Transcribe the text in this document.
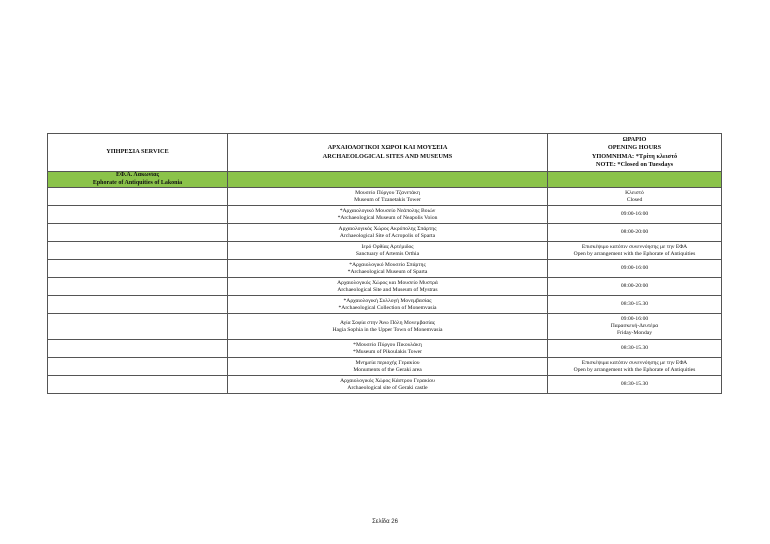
ΥΠΗΡΕΣΙΑ SERVICE	ΑΡΧΑΙΟΛΟΓΙΚΟΙ ΧΩΡΟΙ ΚΑΙ ΜΟΥΣΕΙΑ
ARCHAEOLOGICAL SITES AND MUSEUMS	ΩΡΑΡΙΟ
OPENING HOURS
ΥΠΟΜΝΗΜΑ: *Τρίτη κλειστό
NOTE: *Closed on Tuesdays

ΕΦ.Α. Λακωνίας
Ephorate of Antiquities of Lakonia		

	Μουσείο Πύργου Τζανετάκη
Museum of Tzanetakis Tower	Κλειστό
Closed

	*Αρχαιολογικό Μουσείο Νεάπολης Βοιών
*Archaeological Museum of Neapolis Voion	09:00-16:00

	Αρχαιολογικός Χώρος Ακρόπολης Σπάρτης
Archaeological Site of Acropolis of Sparta	08:00-20:00

	Ιερό Ορθίας Αρτέμιδος
Sanctuary of Artemis Orthia	Επισκέψιμο κατόπιν συνεννόησης με την ΕΦΑ
Open by arrangement with the Ephorate of Antiquities

	*Αρχαιολογικό Μουσείο Σπάρτης
*Archaeological Museum of Sparta	09:00-16:00

	Αρχαιολογικός Χώρος και Μουσείο Μυστρά
Archaeological Site and Museum of Mystras	08:00-20:00

	*Αρχαιολογική Συλλογή Μονεμβασίας
*Archaeological Collection of Monemvasia	08:30-15.30

	Αγία Σοφία στην Άνω Πόλη Μονεμβασίας
Hagia Sophia in the Upper Town of Monemvasia	09:00-16:00
Παρασκευή-Δευτέρα
Friday-Monday

	*Μουσείο Πύργου Πικουλάκη
*Museum of Pikoulakis Tower	08:30-15.30

	Μνημεία περιοχής Γερακίου
Monuments of the Geraki area	Επισκέψιμα κατόπιν συνεννόησης με την ΕΦΑ
Open by arrangement with the Ephorate of Antiquities

	Αρχαιολογικός Χώρος Κάστρου Γερακίου
Archaeological site of Geraki castle	08:30-15.30
Σελίδα 26
